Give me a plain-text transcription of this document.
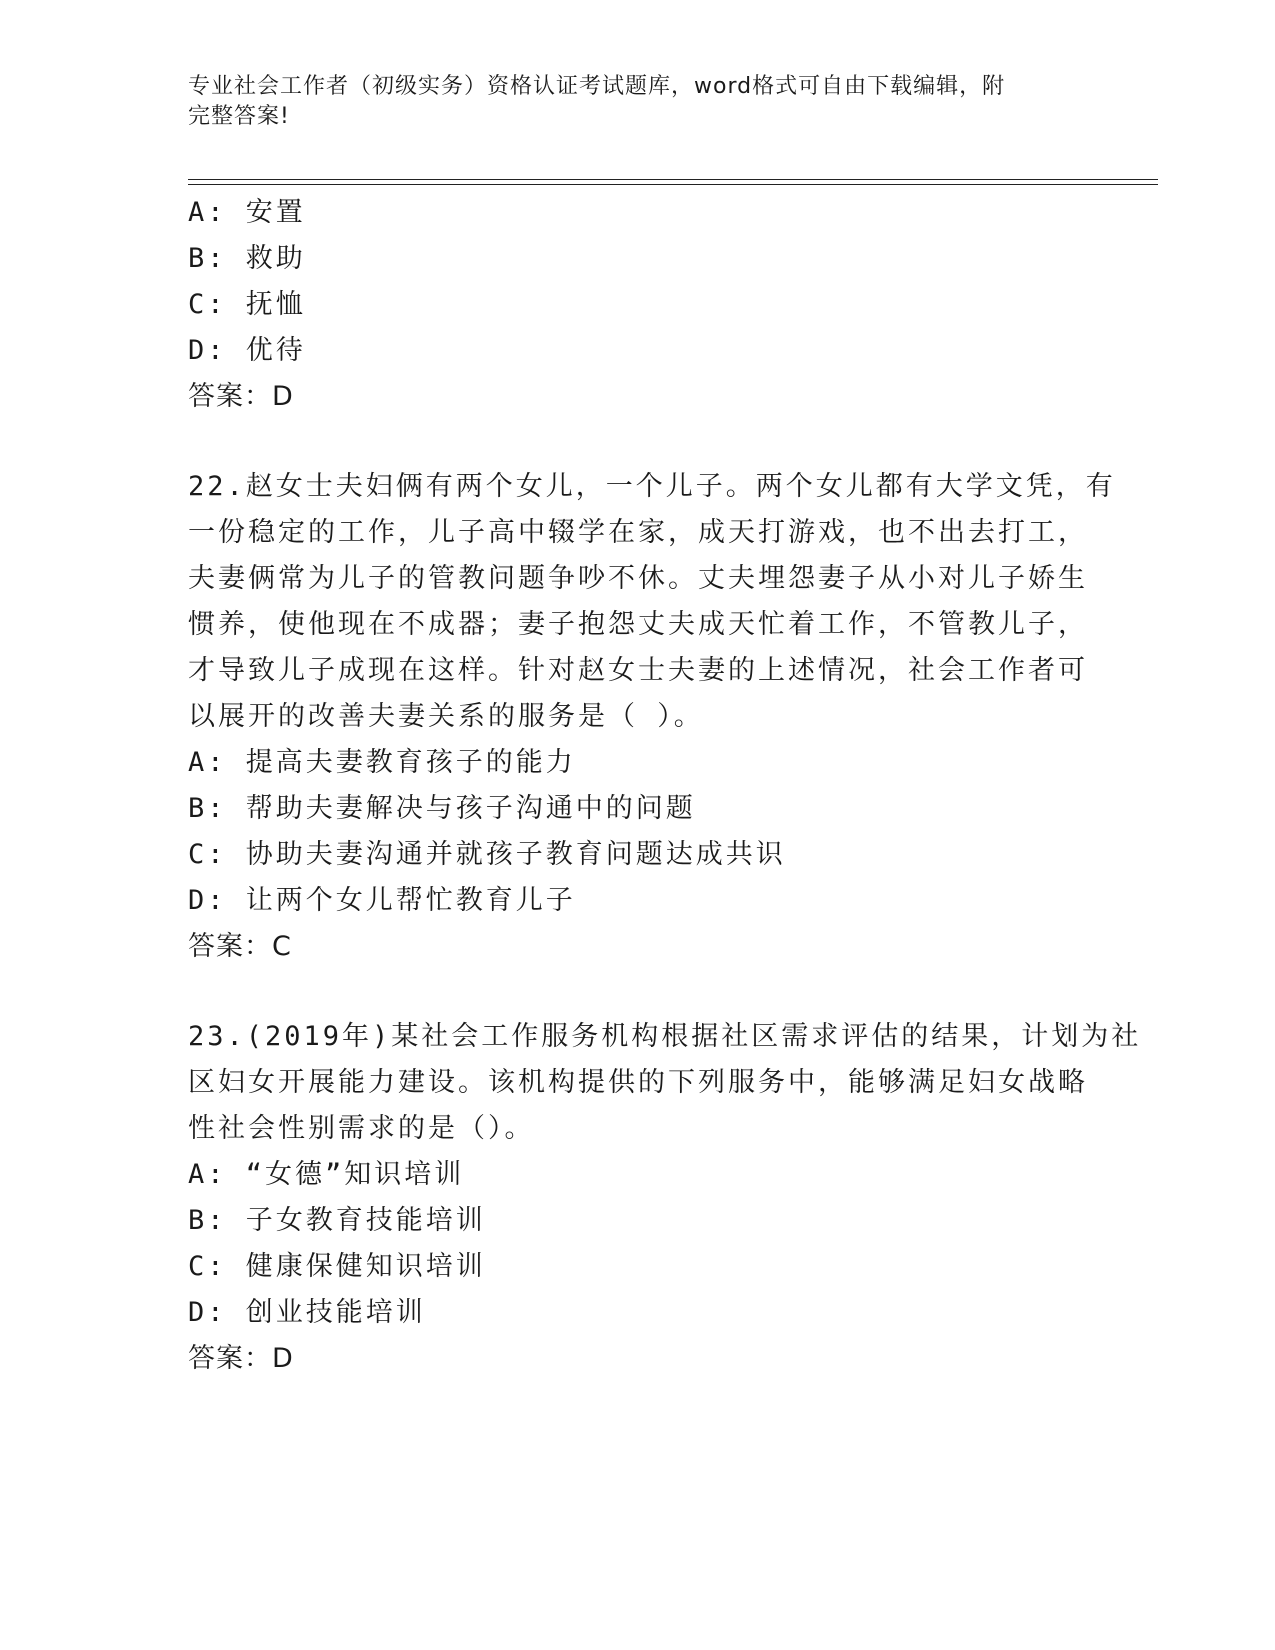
专业社会工作者（初级实务）资格认证考试题库，word格式可自由下载编辑，附
完整答案!
A: 安置
B: 救助
C: 抚恤
D: 优待
答案：D
22.赵女士夫妇俩有两个女儿，一个儿子。两个女儿都有大学文凭，有
一份稳定的工作，儿子高中辍学在家，成天打游戏，也不出去打工，
夫妻俩常为儿子的管教问题争吵不休。丈夫埋怨妻子从小对儿子娇生
惯养，使他现在不成器；妻子抱怨丈夫成天忙着工作，不管教儿子，
才导致儿子成现在这样。针对赵女士夫妻的上述情况，社会工作者可
以展开的改善夫妻关系的服务是（ ）。
A: 提高夫妻教育孩子的能力
B: 帮助夫妻解决与孩子沟通中的问题
C: 协助夫妻沟通并就孩子教育问题达成共识
D: 让两个女儿帮忙教育儿子
答案：C
23.(2019年)某社会工作服务机构根据社区需求评估的结果，计划为社
区妇女开展能力建设。该机构提供的下列服务中，能够满足妇女战略
性社会性别需求的是（）。
A: “女德”知识培训
B: 子女教育技能培训
C: 健康保健知识培训
D: 创业技能培训
答案：D
